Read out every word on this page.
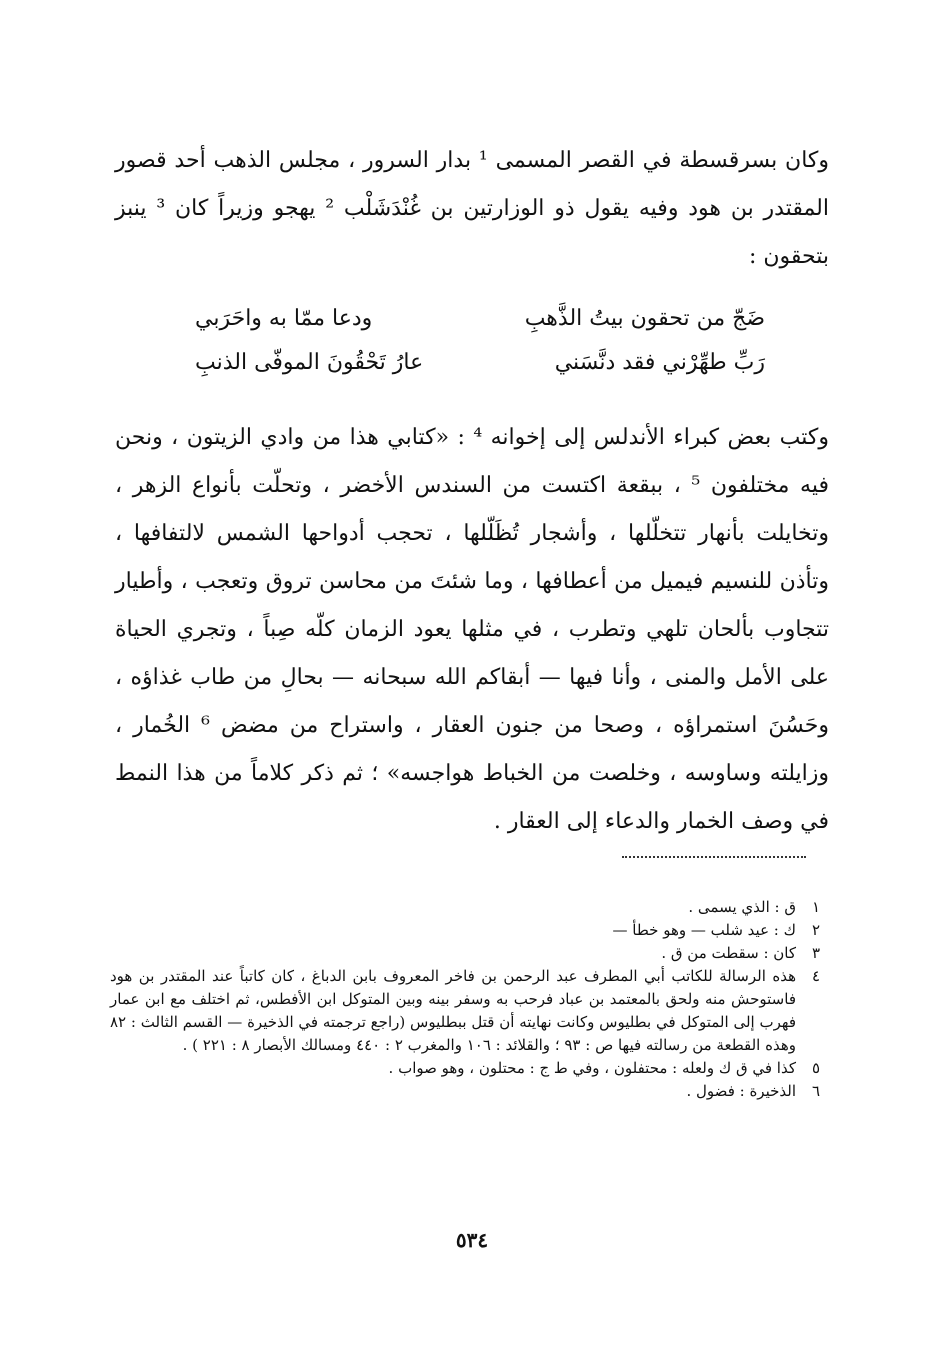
وكان بسرقسطة في القصر المسمى ¹ بدار السرور ، مجلس الذهب أحد قصور المقتدر بن هود وفيه يقول ذو الوزارتين بن غُنْدَشَلْب ² يهجو وزيراً كان ³ ينبز بتحقون :

ضَجّ من تحقون بيتُ الذَّهبِ
ودعا ممّا به واحَرَبي
رَبِّ طهِّرْني فقد دنَّسَني
عارُ تَحْقُونَ الموفّى الذنبِ

وكتب بعض كبراء الأندلس إلى إخوانه ⁴ : «كتابي هذا من وادي الزيتون ، ونحن فيه مختلفون ⁵ ، ببقعة اكتست من السندس الأخضر ، وتحلّت بأنواع الزهر ، وتخايلت بأنهار تتخلّلها ، وأشجار تُظَلّلها ، تحجب أدواحها الشمس لالتفافها ، وتأذن للنسيم فيميل من أعطافها ، وما شئتَ من محاسن تروق وتعجب ، وأطيار تتجاوب بألحان تلهي وتطرب ، في مثلها يعود الزمان كلّه صِباً ، وتجري الحياة على الأمل والمنى ، وأنا فيها — أبقاكم الله سبحانه — بحالِ من طاب غذاؤه ، وحَسُنَ استمراؤه ، وصحا من جنون العقار ، واستراح من مضض ⁶ الخُمار ، وزايلته وساوسه ، وخلصت من الخباط هواجسه» ؛ ثم ذكر كلاماً من هذا النمط في وصف الخمار والدعاء إلى العقار .

١
ق : الذي يسمى .
٢
ك : عيد شلب — وهو خطأ —
٣
كان : سقطت من ق .
٤
هذه الرسالة للكاتب أبي المطرف عبد الرحمن بن فاخر المعروف بابن الدباغ ، كان كاتباً عند المقتدر بن هود فاستوحش منه ولحق بالمعتمد بن عباد فرحب به وسفر بينه وبين المتوكل ابن الأفطس، ثم اختلف مع ابن عمار فهرب إلى المتوكل في بطليوس وكانت نهايته أن قتل ببطليوس (راجع ترجمته في الذخيرة — القسم الثالث : ٨٢ وهذه القطعة من رسالته فيها ص : ٩٣ ؛ والقلائد : ١٠٦ والمغرب ٢ : ٤٤٠ ومسالك الأبصار ٨ : ٢٢١ ) .
٥
كذا في ق ك ولعله : محتفلون ، وفي ط ج : محتلون ، وهو صواب .
٦
الذخيرة : فضول .
٥٣٤
